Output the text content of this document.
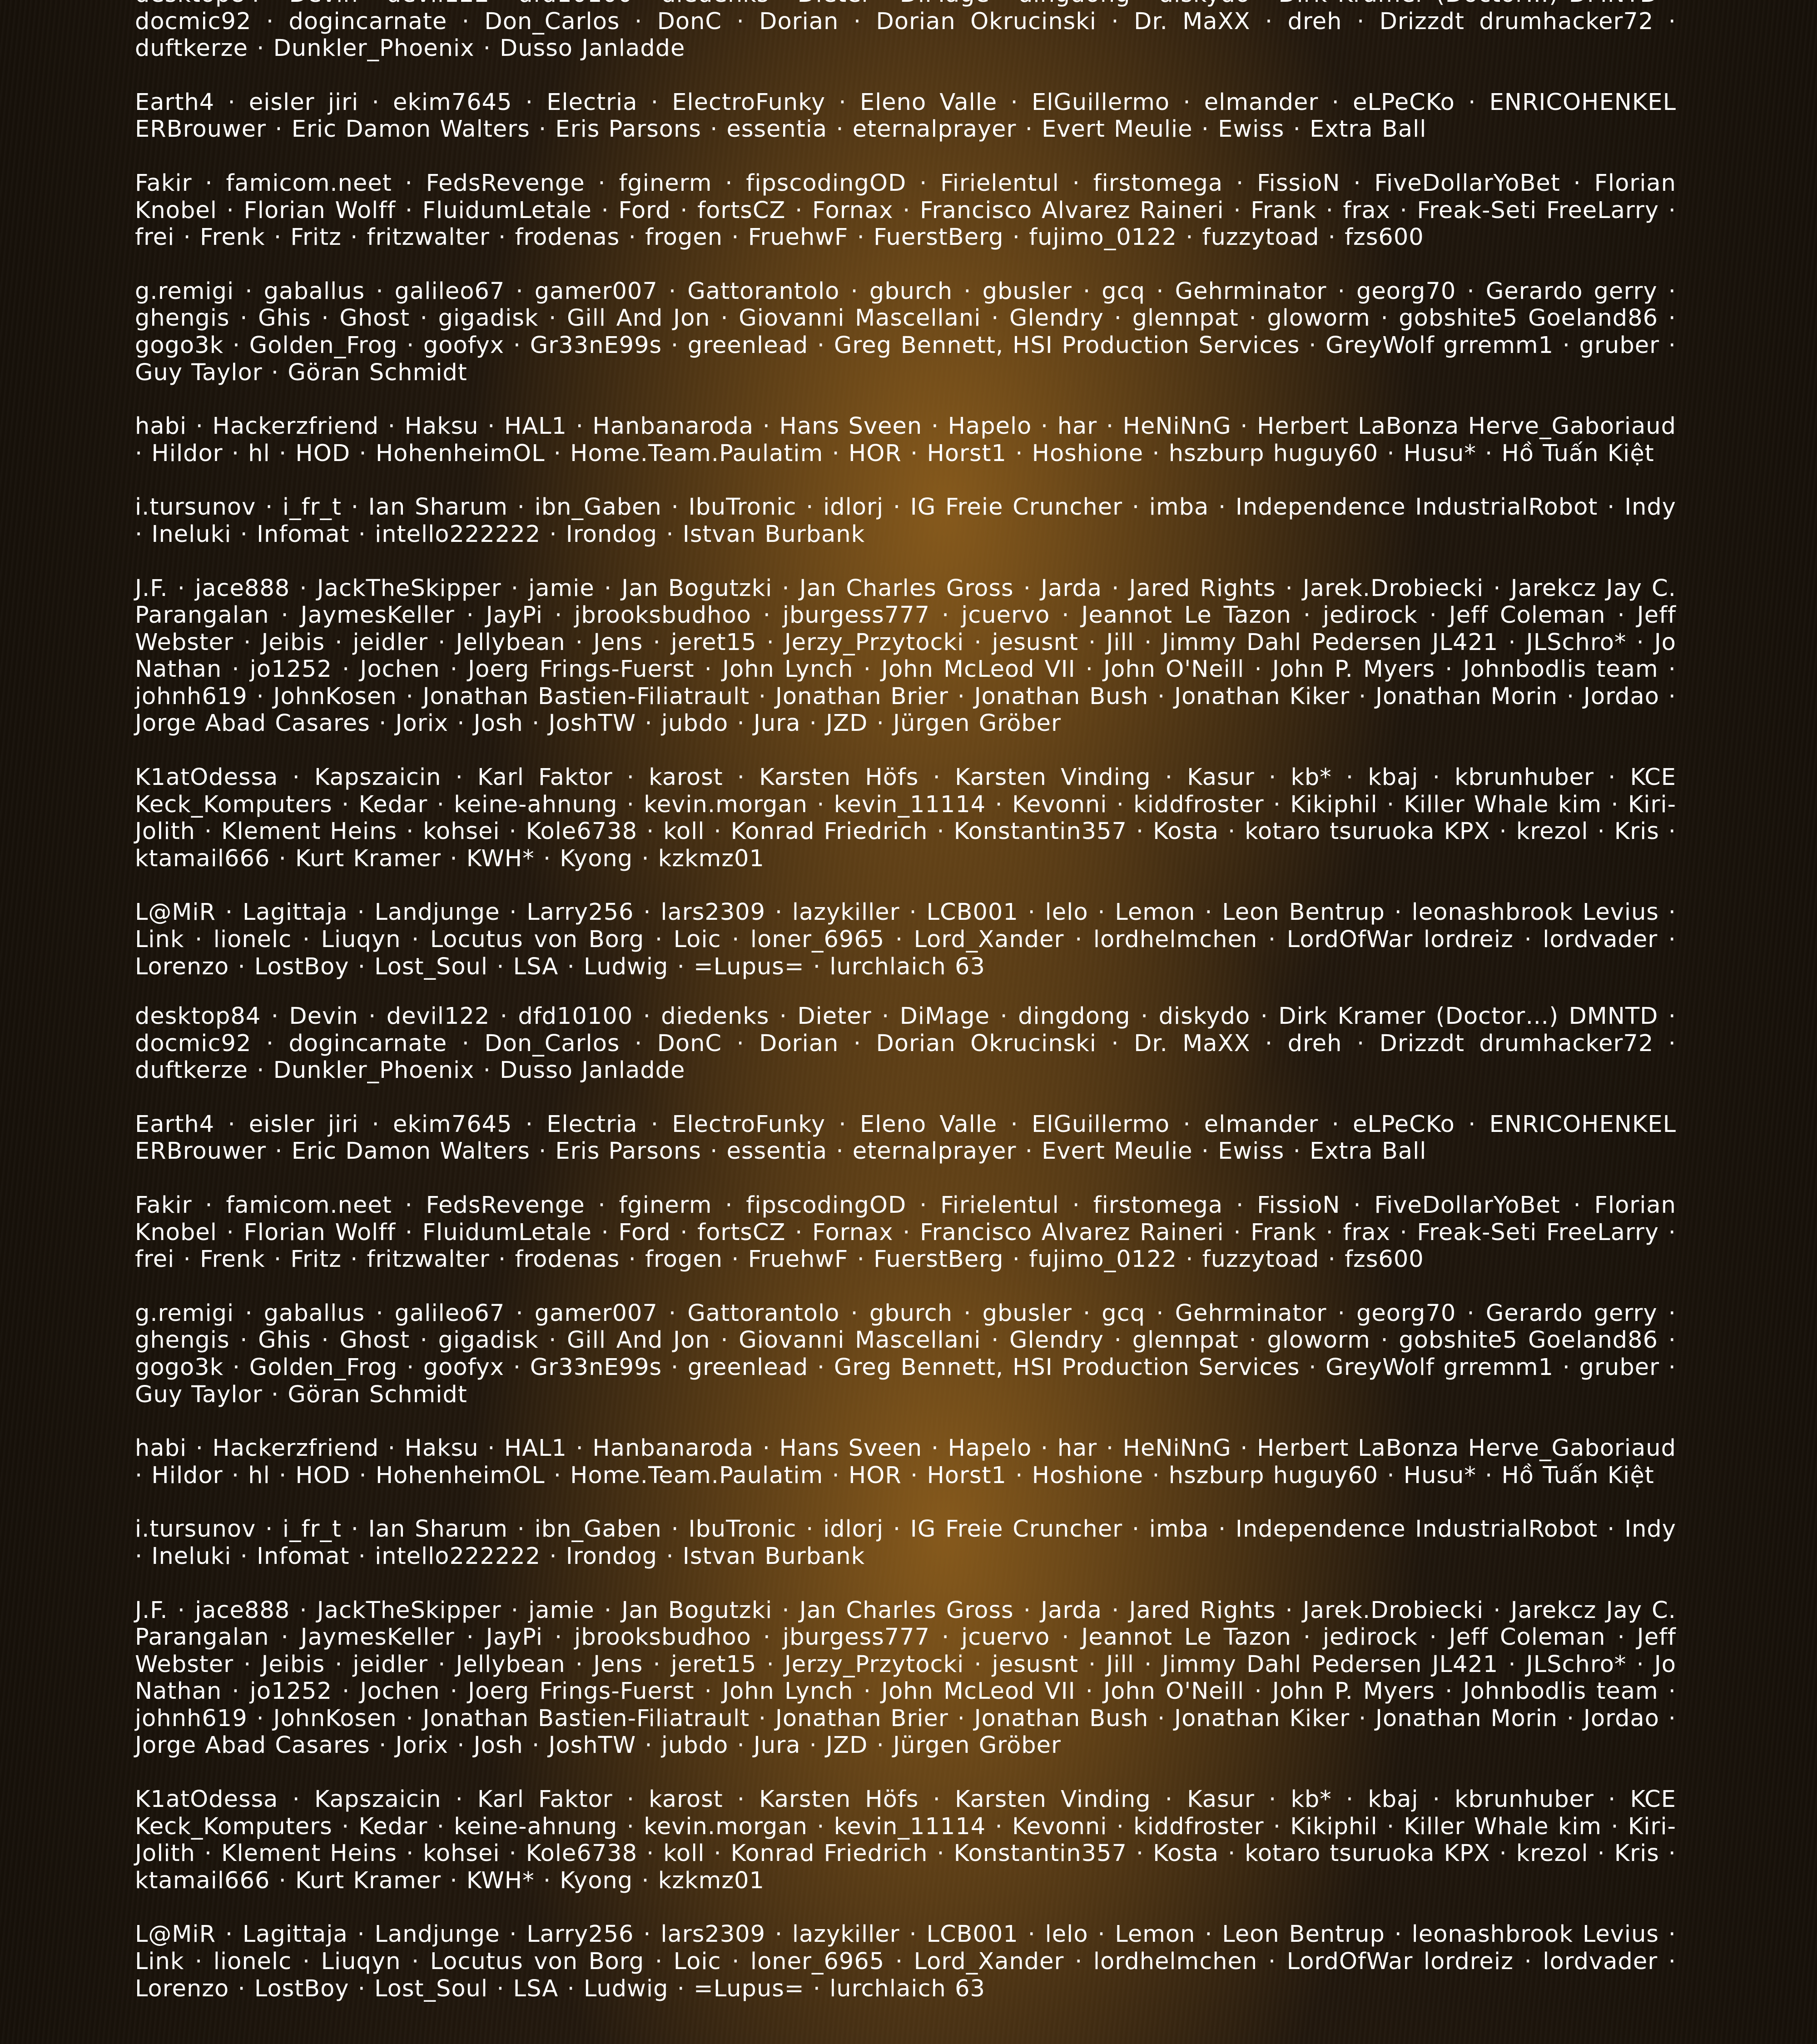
docmic92 · dogincarnate · Don_Carlos · DonC · Dorian · Dorian Okrucinski · Dr. MaXX · dreh · Drizzdt drumhacker72 · duftkerze · Dunkler_Phoenix · Dusso Janladde

Earth4 · eisler jiri · ekim7645 · Electria · ElectroFunky · Eleno Valle · ElGuillermo · elmander · eLPeCKo · ENRICOHENKEL ERBrouwer · Eric Damon Walters · Eris Parsons · essentia · eternalprayer · Evert Meulie · Ewiss · Extra Ball

Fakir · famicom.neet · FedsRevenge · fginerm · fipscodingOD · Firielentul · firstomega · FissioN · FiveDollarYoBet · Florian Knobel · Florian Wolff · FluidumLetale · Ford · fortsCZ · Fornax · Francisco Alvarez Raineri · Frank · frax · Freak-Seti FreeLarry · frei · Frenk · Fritz · fritzwalter · frodenas · frogen · FruehwF · FuerstBerg · fujimo_0122 · fuzzytoad · fzs600

g.remigi · gaballus · galileo67 · gamer007 · Gattorantolo · gburch · gbusler · gcq · Gehrminator · georg70 · Gerardo gerry · ghengis · Ghis · Ghost · gigadisk · Gill And Jon · Giovanni Mascellani · Glendry · glennpat · gloworm · gobshite5 Goeland86 · gogo3k · Golden_Frog · goofyx · Gr33nE99s · greenlead · Greg Bennett, HSI Production Services · GreyWolf grremm1 · gruber · Guy Taylor · Göran Schmidt

habi · Hackerzfriend · Haksu · HAL1 · Hanbanaroda · Hans Sveen · Hapelo · har · HeNiNnG · Herbert LaBonza Herve_Gaboriaud · Hildor · hl · HOD · HohenheimOL · Home.Team.Paulatim · HOR · Horst1 · Hoshione · hszburp huguy60 · Husu* · Hồ Tuấn Kiệt

i.tursunov · i_fr_t · Ian Sharum · ibn_Gaben · IbuTronic · idlorj · IG Freie Cruncher · imba · Independence IndustrialRobot · Indy · Ineluki · Infomat · intello222222 · Irondog · Istvan Burbank

J.F. · jace888 · JackTheSkipper · jamie · Jan Bogutzki · Jan Charles Gross · Jarda · Jared Rights · Jarek.Drobiecki · Jarekcz Jay C. Parangalan · JaymesKeller · JayPi · jbrooksbudhoo · jburgess777 · jcuervo · Jeannot Le Tazon · jedirock · Jeff Coleman · Jeff Webster · Jeibis · jeidler · Jellybean · Jens · jeret15 · Jerzy_Przytocki · jesusnt · Jill · Jimmy Dahl Pedersen JL421 · JLSchro* · Jo Nathan · jo1252 · Jochen · Joerg Frings-Fuerst · John Lynch · John McLeod VII · John O'Neill · John P. Myers · Johnbodlis team · johnh619 · JohnKosen · Jonathan Bastien-Filiatrault · Jonathan Brier · Jonathan Bush · Jonathan Kiker · Jonathan Morin · Jordao · Jorge Abad Casares · Jorix · Josh · JoshTW · jubdo · Jura · JZD · Jürgen Gröber

K1atOdessa · Kapszaicin · Karl Faktor · karost · Karsten Höfs · Karsten Vinding · Kasur · kb* · kbaj · kbrunhuber · KCE Keck_Komputers · Kedar · keine-ahnung · kevin.morgan · kevin_11114 · Kevonni · kiddfroster · Kikiphil · Killer Whale kim · Kiri-Jolith · Klement Heins · kohsei · Kole6738 · koll · Konrad Friedrich · Konstantin357 · Kosta · kotaro tsuruoka KPX · krezol · Kris · ktamail666 · Kurt Kramer · KWH* · Kyong · kzkmz01

L@MiR · Lagittaja · Landjunge · Larry256 · lars2309 · lazykiller · LCB001 · lelo · Lemon · Leon Bentrup · leonashbrook Levius · Link · lionelc · Liuqyn · Locutus von Borg · Loic · loner_6965 · Lord_Xander · lordhelmchen · LordOfWar lordreiz · lordvader · Lorenzo · LostBoy · Lost_Soul · LSA · Ludwig · =Lupus= · lurchlaich 63

desktop84 · Devin · devil122 · dfd10100 · diedenks · Dieter · DiMage · dingdong · diskydo · Dirk Kramer (Doctor…) DMNTD · docmic92 · dogincarnate · Don_Carlos · DonC · Dorian · Dorian Okrucinski · Dr. MaXX · dreh · Drizzdt drumhacker72 · duftkerze · Dunkler_Phoenix · Dusso Janladde

Earth4 · eisler jiri · ekim7645 · Electria · ElectroFunky · Eleno Valle · ElGuillermo · elmander · eLPeCKo · ENRICOHENKEL ERBrouwer · Eric Damon Walters · Eris Parsons · essentia · eternalprayer · Evert Meulie · Ewiss · Extra Ball

Fakir · famicom.neet · FedsRevenge · fginerm · fipscodingOD · Firielentul · firstomega · FissioN · FiveDollarYoBet · Florian Knobel · Florian Wolff · FluidumLetale · Ford · fortsCZ · Fornax · Francisco Alvarez Raineri · Frank · frax · Freak-Seti FreeLarry · frei · Frenk · Fritz · fritzwalter · frodenas · frogen · FruehwF · FuerstBerg · fujimo_0122 · fuzzytoad · fzs600

g.remigi · gaballus · galileo67 · gamer007 · Gattorantolo · gburch · gbusler · gcq · Gehrminator · georg70 · Gerardo gerry · ghengis · Ghis · Ghost · gigadisk · Gill And Jon · Giovanni Mascellani · Glendry · glennpat · gloworm · gobshite5 Goeland86 · gogo3k · Golden_Frog · goofyx · Gr33nE99s · greenlead · Greg Bennett, HSI Production Services · GreyWolf grremm1 · gruber · Guy Taylor · Göran Schmidt

habi · Hackerzfriend · Haksu · HAL1 · Hanbanaroda · Hans Sveen · Hapelo · har · HeNiNnG · Herbert LaBonza Herve_Gaboriaud · Hildor · hl · HOD · HohenheimOL · Home.Team.Paulatim · HOR · Horst1 · Hoshione · hszburp huguy60 · Husu* · Hồ Tuấn Kiệt

i.tursunov · i_fr_t · Ian Sharum · ibn_Gaben · IbuTronic · idlorj · IG Freie Cruncher · imba · Independence IndustrialRobot · Indy · Ineluki · Infomat · intello222222 · Irondog · Istvan Burbank

J.F. · jace888 · JackTheSkipper · jamie · Jan Bogutzki · Jan Charles Gross · Jarda · Jared Rights · Jarek.Drobiecki · Jarekcz Jay C. Parangalan · JaymesKeller · JayPi · jbrooksbudhoo · jburgess777 · jcuervo · Jeannot Le Tazon · jedirock · Jeff Coleman · Jeff Webster · Jeibis · jeidler · Jellybean · Jens · jeret15 · Jerzy_Przytocki · jesusnt · Jill · Jimmy Dahl Pedersen JL421 · JLSchro* · Jo Nathan · jo1252 · Jochen · Joerg Frings-Fuerst · John Lynch · John McLeod VII · John O'Neill · John P. Myers · Johnbodlis team · johnh619 · JohnKosen · Jonathan Bastien-Filiatrault · Jonathan Brier · Jonathan Bush · Jonathan Kiker · Jonathan Morin · Jordao · Jorge Abad Casares · Jorix · Josh · JoshTW · jubdo · Jura · JZD · Jürgen Gröber

K1atOdessa · Kapszaicin · Karl Faktor · karost · Karsten Höfs · Karsten Vinding · Kasur · kb* · kbaj · kbrunhuber · KCE Keck_Komputers · Kedar · keine-ahnung · kevin.morgan · kevin_11114 · Kevonni · kiddfroster · Kikiphil · Killer Whale kim · Kiri-Jolith · Klement Heins · kohsei · Kole6738 · koll · Konrad Friedrich · Konstantin357 · Kosta · kotaro tsuruoka KPX · krezol · Kris · ktamail666 · Kurt Kramer · KWH* · Kyong · kzkmz01

L@MiR · Lagittaja · Landjunge · Larry256 · lars2309 · lazykiller · LCB001 · lelo · Lemon · Leon Bentrup · leonashbrook Levius · Link · lionelc · Liuqyn · Locutus von Borg · Loic · loner_6965 · Lord_Xander · lordhelmchen · LordOfWar lordreiz · lordvader · Lorenzo · LostBoy · Lost_Soul · LSA · Ludwig · =Lupus= · lurchlaich 63
